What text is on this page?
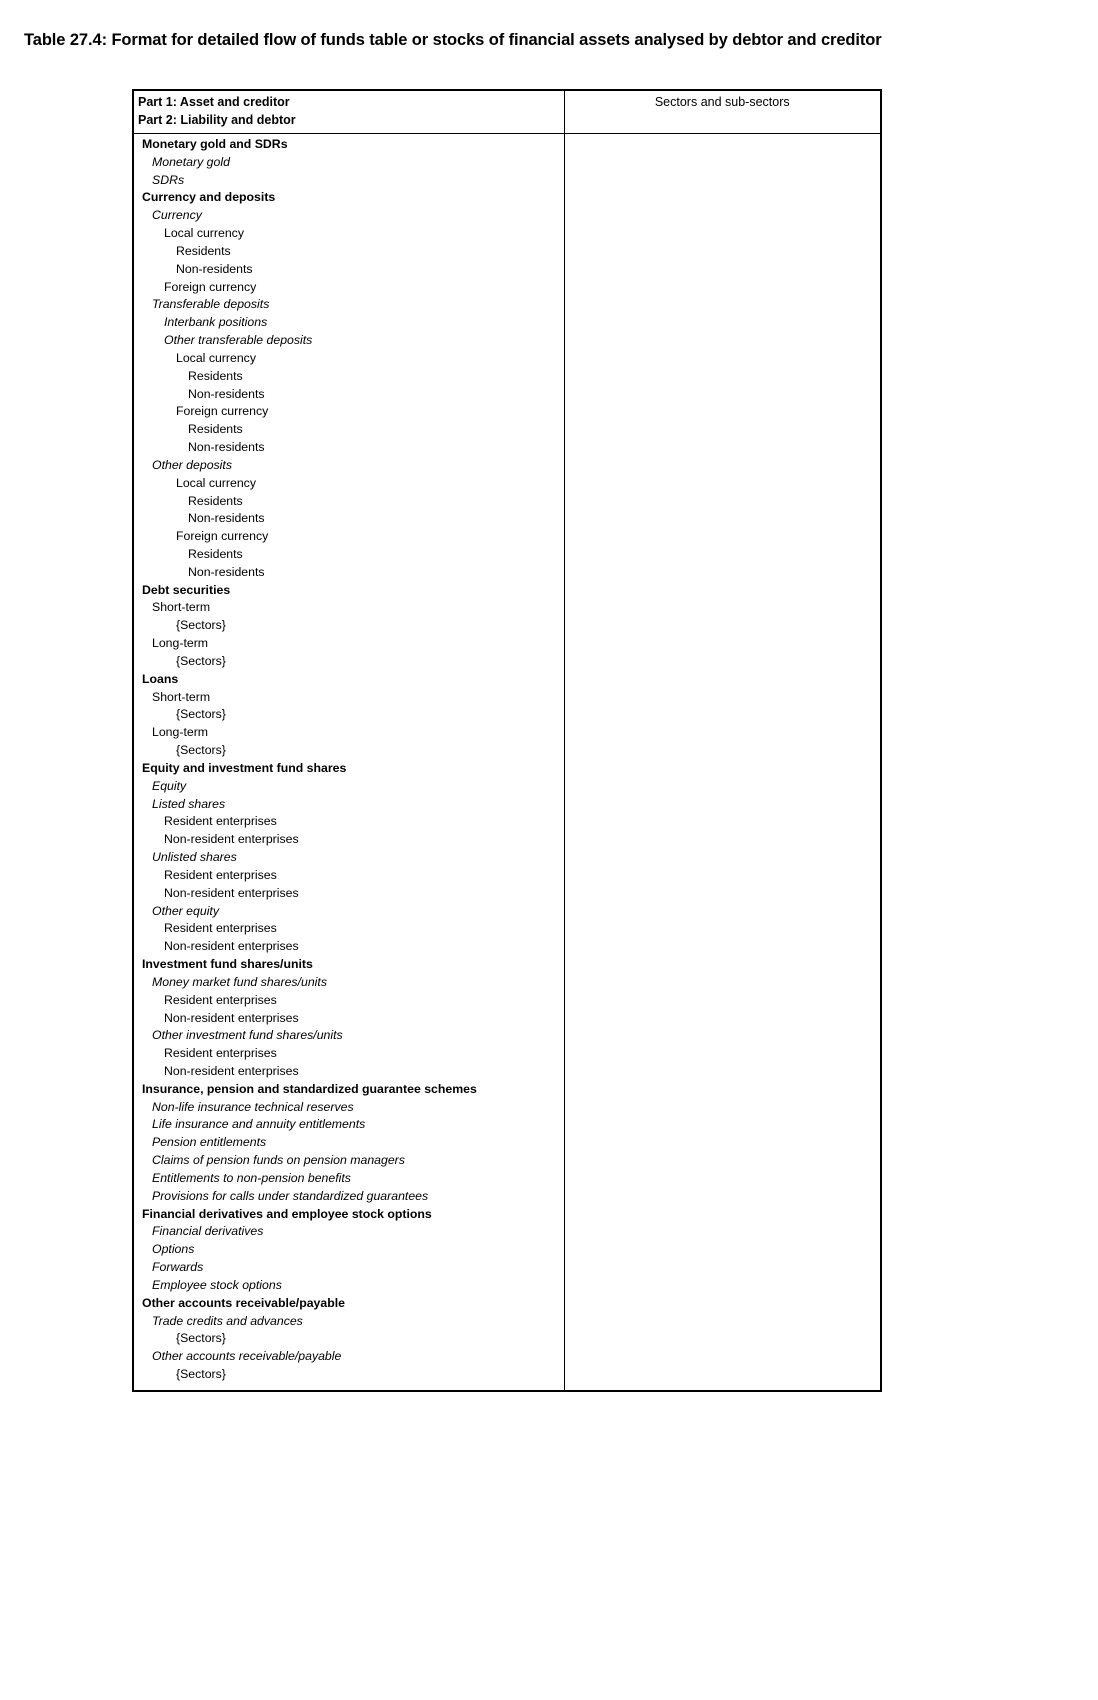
Table 27.4: Format for detailed flow of funds table or stocks of financial assets analysed by debtor and creditor
Part 1: Asset and creditor
Part 2: Liability and debtor	Sectors and sub-sectors

Monetary gold and SDRs
Monetary gold
SDRs
Currency and deposits
Currency
Local currency
Residents
Non-residents
Foreign currency
Transferable deposits
Interbank positions
Other transferable deposits
Local currency
Residents
Non-residents
Foreign currency
Residents
Non-residents
Other deposits
Local currency
Residents
Non-residents
Foreign currency
Residents
Non-residents
Debt securities
Short-term
{Sectors}
Long-term
{Sectors}
Loans
Short-term
{Sectors}
Long-term
{Sectors}
Equity and investment fund shares
Equity
Listed shares
Resident enterprises
Non-resident enterprises
Unlisted shares
Resident enterprises
Non-resident enterprises
Other equity
Resident enterprises
Non-resident enterprises
Investment fund shares/units
Money market fund shares/units
Resident enterprises
Non-resident enterprises
Other investment fund shares/units
Resident enterprises
Non-resident enterprises
Insurance, pension and standardized guarantee schemes
Non-life insurance technical reserves
Life insurance and annuity entitlements
Pension entitlements
Claims of pension funds on pension managers
Entitlements to non-pension benefits
Provisions for calls under standardized guarantees
Financial derivatives and employee stock options
Financial derivatives
Options
Forwards
Employee stock options
Other accounts receivable/payable
Trade credits and advances
{Sectors}
Other accounts receivable/payable
{Sectors}
